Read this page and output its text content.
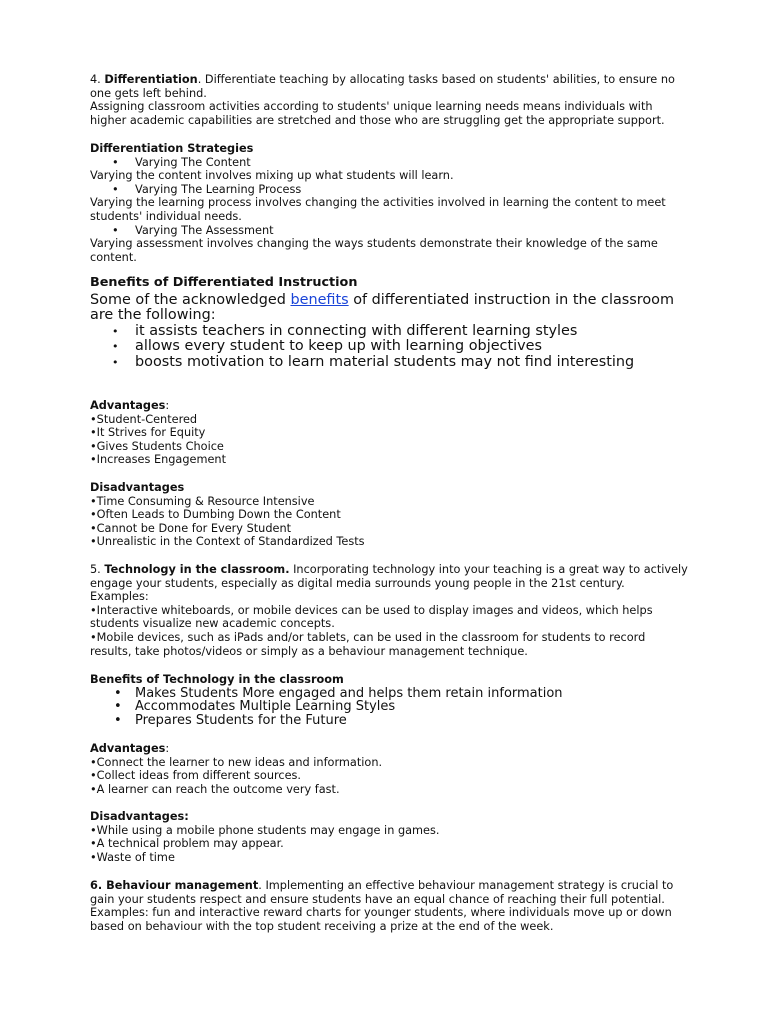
4. Differentiation. Differentiate teaching by allocating tasks based on students' abilities, to ensure no one gets left behind.

Assigning classroom activities according to students' unique learning needs means individuals with higher academic capabilities are stretched and those who are struggling get the appropriate support.

Differentiation Strategies

• Varying The Content

Varying the content involves mixing up what students will learn.

• Varying The Learning Process

Varying the learning process involves changing the activities involved in learning the content to meet students' individual needs.

• Varying The Assessment

Varying assessment involves changing the ways students demonstrate their knowledge of the same content.

Benefits of Differentiated Instruction

Some of the acknowledged benefits of differentiated instruction in the classroom are the following:

• it assists teachers in connecting with different learning styles
• allows every student to keep up with learning objectives
• boosts motivation to learn material students may not find interesting

Advantages:

•Student-Centered

•It Strives for Equity

•Gives Students Choice

•Increases Engagement

Disadvantages

•Time Consuming & Resource Intensive

•Often Leads to Dumbing Down the Content

•Cannot be Done for Every Student

•Unrealistic in the Context of Standardized Tests

5. Technology in the classroom. Incorporating technology into your teaching is a great way to actively engage your students, especially as digital media surrounds young people in the 21st century.

Examples:

•Interactive whiteboards, or mobile devices can be used to display images and videos, which helps students visualize new academic concepts.

•Mobile devices, such as iPads and/or tablets, can be used in the classroom for students to record results, take photos/videos or simply as a behaviour management technique.

Benefits of Technology in the classroom

• Makes Students More engaged and helps them retain information
• Accommodates Multiple Learning Styles
• Prepares Students for the Future

Advantages:

•Connect the learner to new ideas and information.

•Collect ideas from different sources.

•A learner can reach the outcome very fast.

Disadvantages:

•While using a mobile phone students may engage in games.

•A technical problem may appear.

•Waste of time

6. Behaviour management. Implementing an effective behaviour management strategy is crucial to gain your students respect and ensure students have an equal chance of reaching their full potential.

Examples: fun and interactive reward charts for younger students, where individuals move up or down based on behaviour with the top student receiving a prize at the end of the week.
